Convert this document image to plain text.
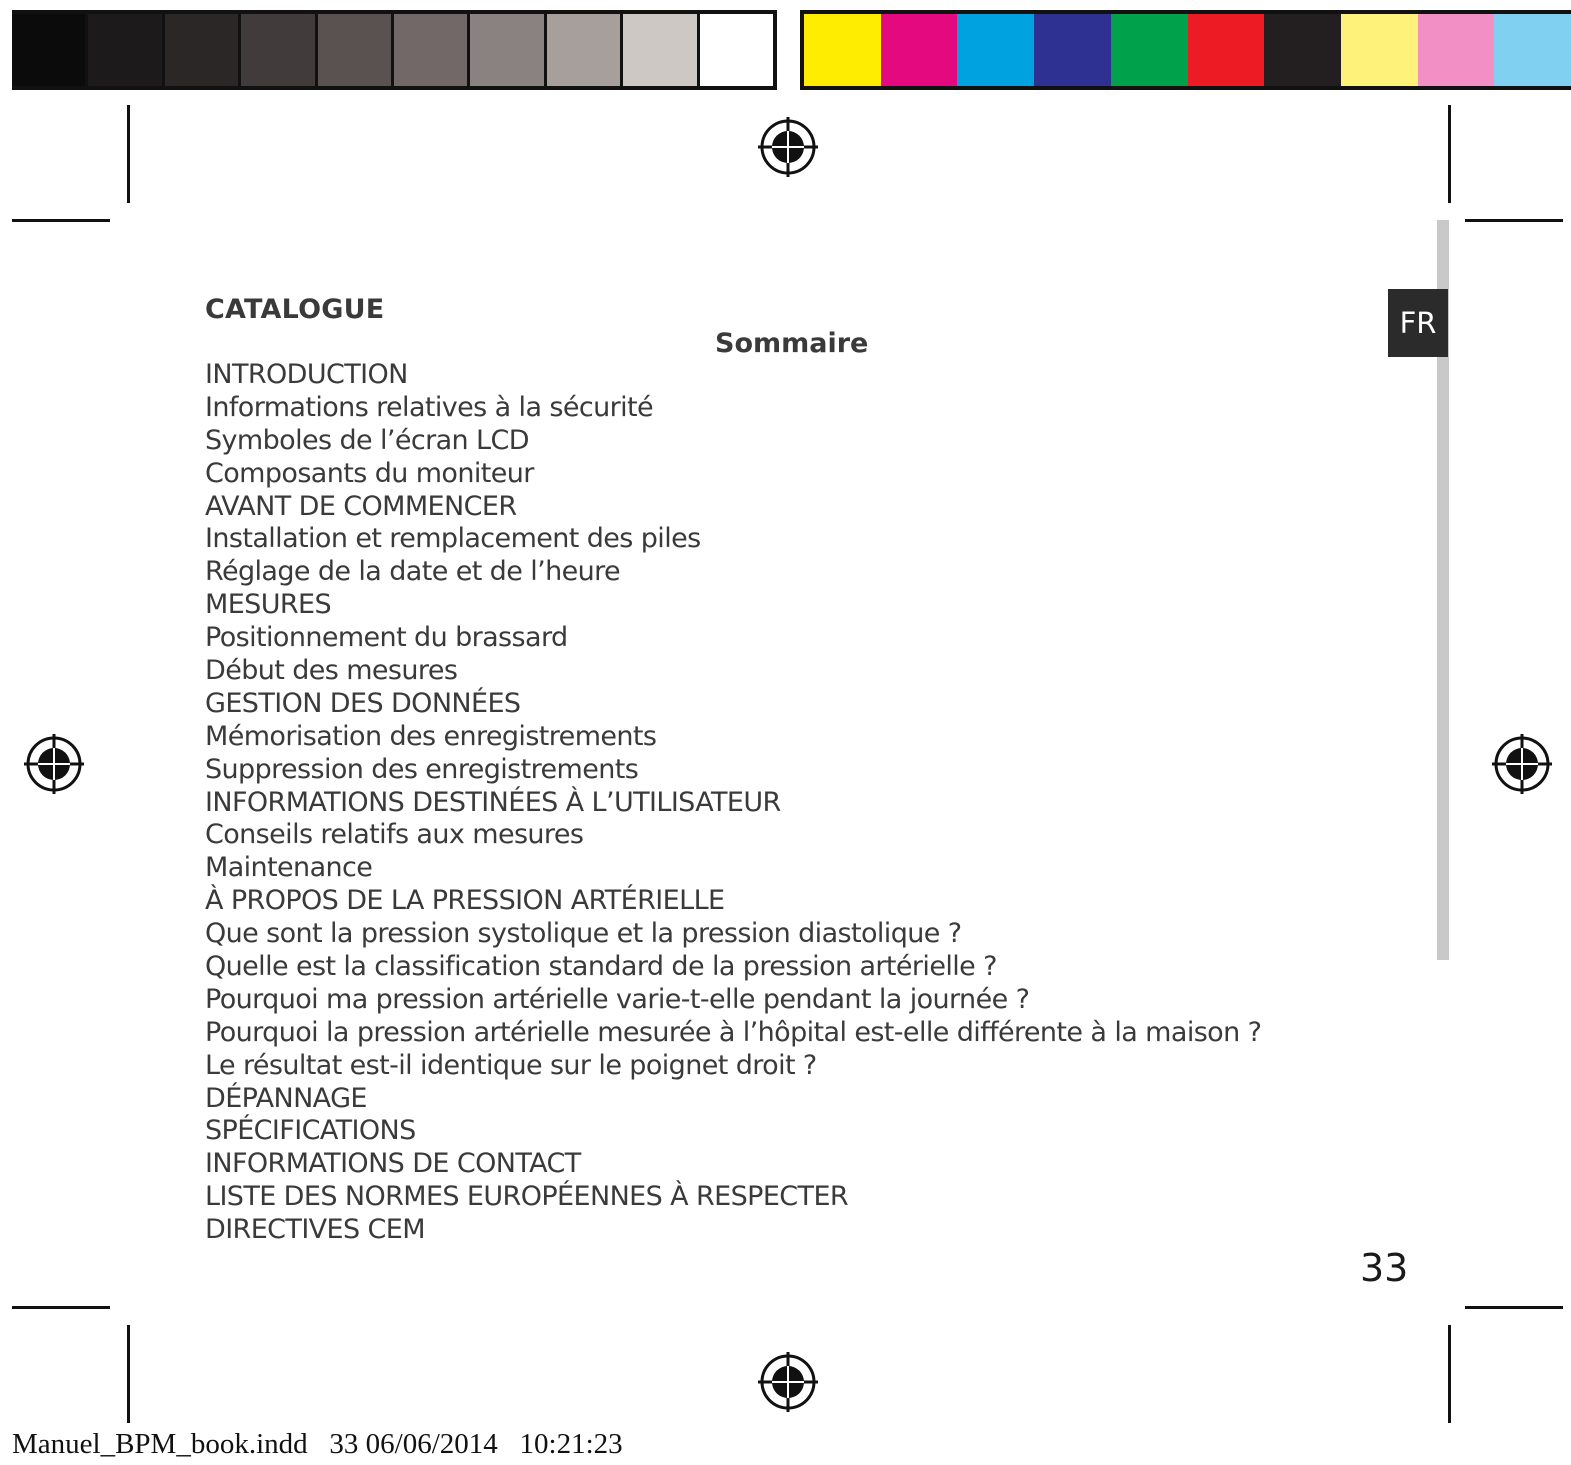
FR
CATALOGUE
Sommaire
INTRODUCTION
Informations relatives à la sécurité
Symboles de l’écran LCD
Composants du moniteur
AVANT DE COMMENCER
Installation et remplacement des piles
Réglage de la date et de l’heure
MESURES
Positionnement du brassard
Début des mesures
GESTION DES DONNÉES
Mémorisation des enregistrements
Suppression des enregistrements
INFORMATIONS DESTINÉES À L’UTILISATEUR
Conseils relatifs aux mesures
Maintenance
À PROPOS DE LA PRESSION ARTÉRIELLE
Que sont la pression systolique et la pression diastolique ?
Quelle est la classification standard de la pression artérielle ?
Pourquoi ma pression artérielle varie-t-elle pendant la journée ?
Pourquoi la pression artérielle mesurée à l’hôpital est-elle différente à la maison ?
Le résultat est-il identique sur le poignet droit ?
DÉPANNAGE
SPÉCIFICATIONS
INFORMATIONS DE CONTACT
LISTE DES NORMES EUROPÉENNES À RESPECTER
DIRECTIVES CEM
33
Manuel_BPM_book.indd 33 06/06/2014 10:21:23
